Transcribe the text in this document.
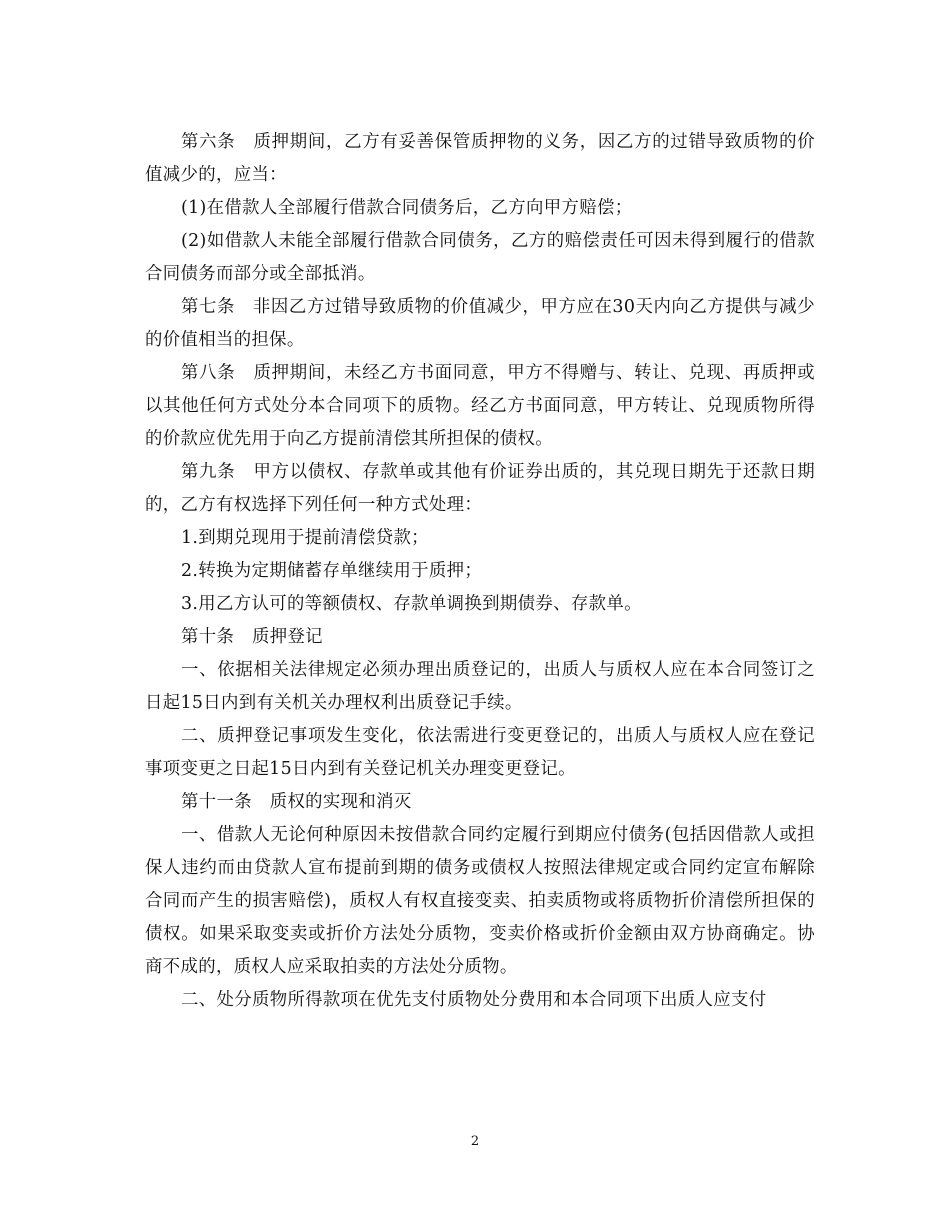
第六条　质押期间，乙方有妥善保管质押物的义务，因乙方的过错导致质物的价值减少的，应当：

(1)在借款人全部履行借款合同债务后，乙方向甲方赔偿；

(2)如借款人未能全部履行借款合同债务，乙方的赔偿责任可因未得到履行的借款合同债务而部分或全部抵消。

第七条　非因乙方过错导致质物的价值减少，甲方应在30天内向乙方提供与减少的价值相当的担保。

第八条　质押期间，未经乙方书面同意，甲方不得赠与、转让、兑现、再质押或以其他任何方式处分本合同项下的质物。经乙方书面同意，甲方转让、兑现质物所得的价款应优先用于向乙方提前清偿其所担保的债权。

第九条　甲方以债权、存款单或其他有价证券出质的，其兑现日期先于还款日期的，乙方有权选择下列任何一种方式处理：

1.到期兑现用于提前清偿贷款；

2.转换为定期储蓄存单继续用于质押；

3.用乙方认可的等额债权、存款单调换到期债券、存款单。

第十条　质押登记

一、依据相关法律规定必须办理出质登记的，出质人与质权人应在本合同签订之日起15日内到有关机关办理权利出质登记手续。

二、质押登记事项发生变化，依法需进行变更登记的，出质人与质权人应在登记事项变更之日起15日内到有关登记机关办理变更登记。

第十一条　质权的实现和消灭

一、借款人无论何种原因未按借款合同约定履行到期应付债务(包括因借款人或担保人违约而由贷款人宣布提前到期的债务或债权人按照法律规定或合同约定宣布解除合同而产生的损害赔偿)，质权人有权直接变卖、拍卖质物或将质物折价清偿所担保的债权。如果采取变卖或折价方法处分质物，变卖价格或折价金额由双方协商确定。协商不成的，质权人应采取拍卖的方法处分质物。

二、处分质物所得款项在优先支付质物处分费用和本合同项下出质人应支付

2
